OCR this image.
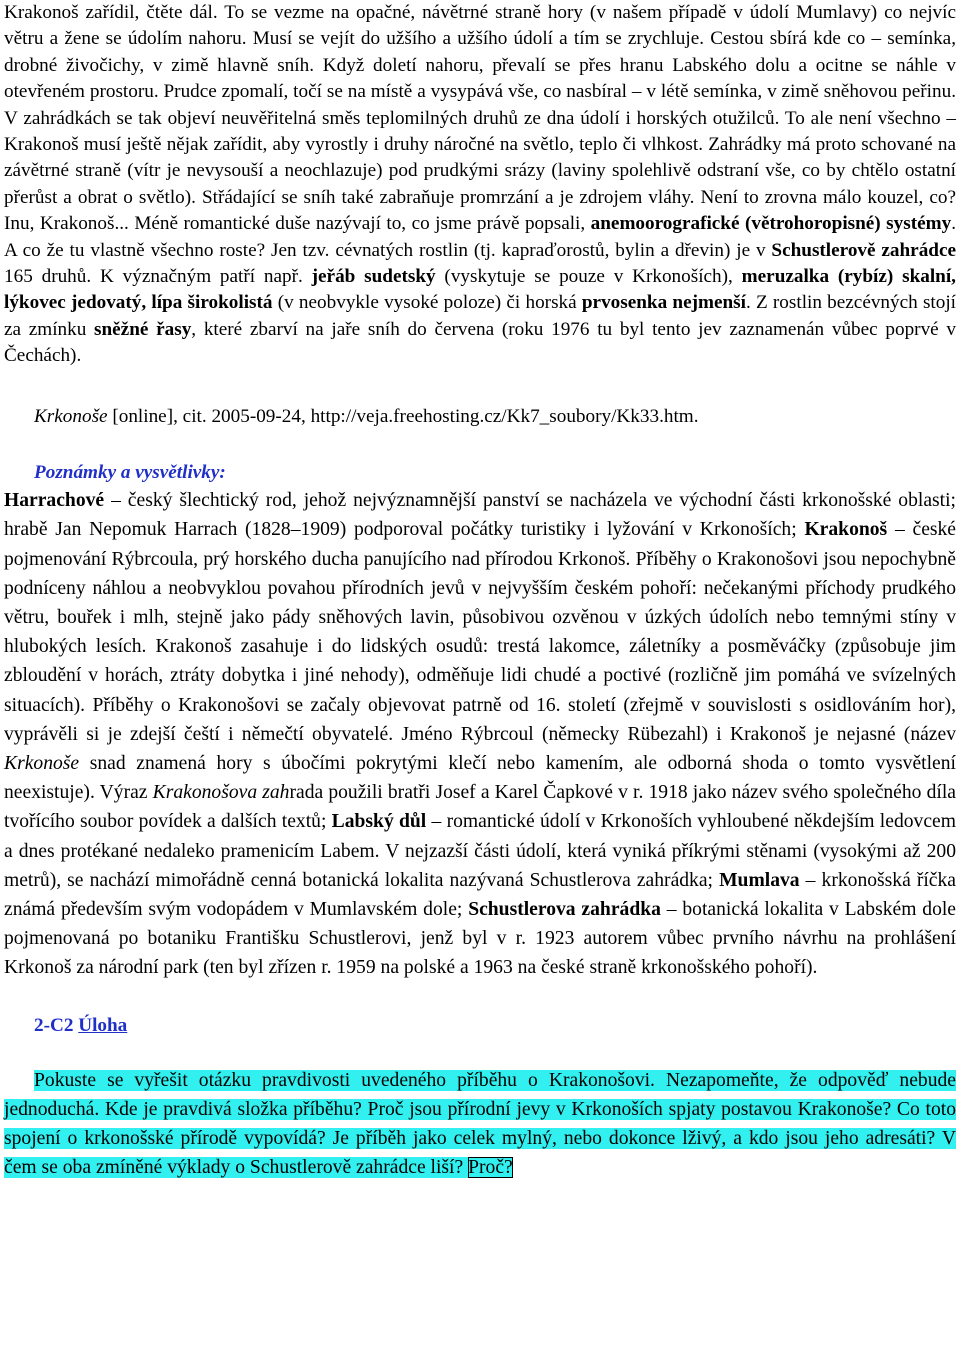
Krakonoš zařídil, čtěte dál. To se vezme na opačné, návětrné straně hory (v našem případě v údolí Mumlavy) co nejvíc větru a žene se údolím nahoru. Musí se vejít do užšího a užšího údolí a tím se zrychluje. Cestou sbírá kde co – semínka, drobné živočichy, v zimě hlavně sníh. Když doletí nahoru, převalí se přes hranu Labského dolu a ocitne se náhle v otevřeném prostoru. Prudce zpomalí, točí se na místě a vysypává vše, co nasbíral – v létě semínka, v zimě sněhovou peřinu. V zahrádkách se tak objeví neuvěřitelná směs teplomilných druhů ze dna údolí i horských otužilců. To ale není všechno – Krakonoš musí ještě nějak zařídit, aby vyrostly i druhy náročné na světlo, teplo či vlhkost. Zahrádky má proto schované na závětrné straně (vítr je nevysouší a neochlazuje) pod prudkými srázy (laviny spolehlivě odstraní vše, co by chtělo ostatní přerůst a obrat o světlo). Střádající se sníh také zabraňuje promrzání a je zdrojem vláhy. Není to zrovna málo kouzel, co? Inu, Krakonoš... Méně romantické duše nazývají to, co jsme právě popsali, anemoorografické (větrohoropisné) systémy. A co že tu vlastně všechno roste? Jen tzv. cévnatých rostlin (tj. kapraďorostů, bylin a dřevin) je v Schustlerově zahrádce 165 druhů. K význačným patří např. jeřáb sudetský (vyskytuje se pouze v Krkonoších), meruzalka (rybíz) skalní, lýkovec jedovatý, lípa širokolistá (v neobvykle vysoké poloze) či horská prvosenka nejmenší. Z rostlin bezcévných stojí za zmínku sněžné řasy, které zbarví na jaře sníh do červena (roku 1976 tu byl tento jev zaznamenán vůbec poprvé v Čechách).

Krkonoše [online], cit. 2005-09-24, http://veja.freehosting.cz/Kk7_soubory/Kk33.htm.

Poznámky a vysvětlivky:

Harrachové – český šlechtický rod, jehož nejvýznamnější panství se nacházela ve východní části krkonošské oblasti; hrabě Jan Nepomuk Harrach (1828–1909) podporoval počátky turistiky i lyžování v Krkonoších; Krakonoš – české pojmenování Rýbrcoula, prý horského ducha panujícího nad přírodou Krkonoš. Příběhy o Krakonošovi jsou nepochybně podníceny náhlou a neobvyklou povahou přírodních jevů v nejvyšším českém pohoří: nečekanými příchody prudkého větru, bouřek i mlh, stejně jako pády sněhových lavin, působivou ozvěnou v úzkých údolích nebo temnými stíny v hlubokých lesích. Krakonoš zasahuje i do lidských osudů: trestá lakomce, záletníky a posměváčky (způsobuje jim zbloudění v horách, ztráty dobytka i jiné nehody), odměňuje lidi chudé a poctivé (rozličně jim pomáhá ve svízelných situacích). Příběhy o Krakonošovi se začaly objevovat patrně od 16. století (zřejmě v souvislosti s osidlováním hor), vyprávěli si je zdejší čeští i němečtí obyvatelé. Jméno Rýbrcoul (německy Rübezahl) i Krakonoš je nejasné (název Krkonoše snad znamená hory s úbočími pokrytými klečí nebo kamením, ale odborná shoda o tomto vysvětlení neexistuje). Výraz Krakonošova zahrada použili bratři Josef a Karel Čapkové v r. 1918 jako název svého společného díla tvořícího soubor povídek a dalších textů; Labský důl – romantické údolí v Krkonoších vyhloubené někdejším ledovcem a dnes protékané nedaleko pramenicím Labem. V nejzazší části údolí, která vyniká příkrými stěnami (vysokými až 200 metrů), se nachází mimořádně cenná botanická lokalita nazývaná Schustlerova zahrádka; Mumlava – krkonošská říčka známá především svým vodopádem v Mumlavském dole; Schustlerova zahrádka – botanická lokalita v Labském dole pojmenovaná po botaniku Františku Schustlerovi, jenž byl v r. 1923 autorem vůbec prvního návrhu na prohlášení Krkonoš za národní park (ten byl zřízen r. 1959 na polské a 1963 na české straně krkonošského pohoří).

2-C2 Úloha

Pokuste se vyřešit otázku pravdivosti uvedeného příběhu o Krakonošovi. Nezapomeňte, že odpověď nebude jednoduchá. Kde je pravdivá složka příběhu? Proč jsou přírodní jevy v Krkonoších spjaty postavou Krakonoše? Co toto spojení o krkonošské přírodě vypovídá? Je příběh jako celek mylný, nebo dokonce lživý, a kdo jsou jeho adresáti? V čem se oba zmíněné výklady o Schustlerově zahrádce liší? Proč?
